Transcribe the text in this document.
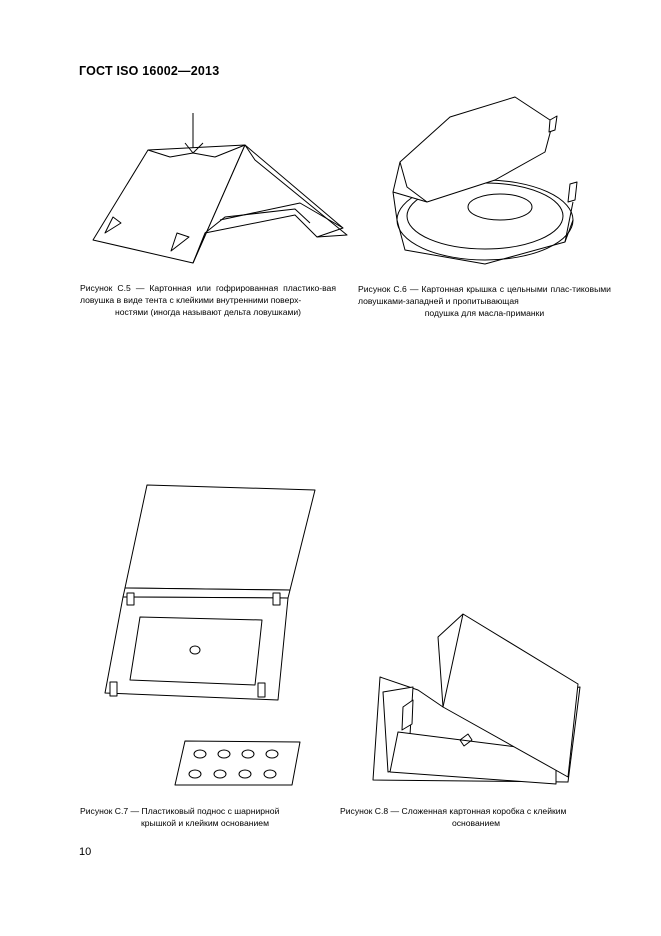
ГОСТ ISO 16002—2013
Рисунок С.5 — Картонная или гофрированная пластико-вая ловушка в виде тента с клейкими внутренними поверх-
ностями (иногда называют дельта ловушками)
Рисунок С.6 — Картонная крышка с цельными плас-тиковыми ловушками-западней и пропитывающая
подушка для масла-приманки
Рисунок С.7 — Пластиковый поднос с шарнирной
крышкой и клейким основанием
Рисунок С.8 — Сложенная картонная коробка с клейким
основанием
10
